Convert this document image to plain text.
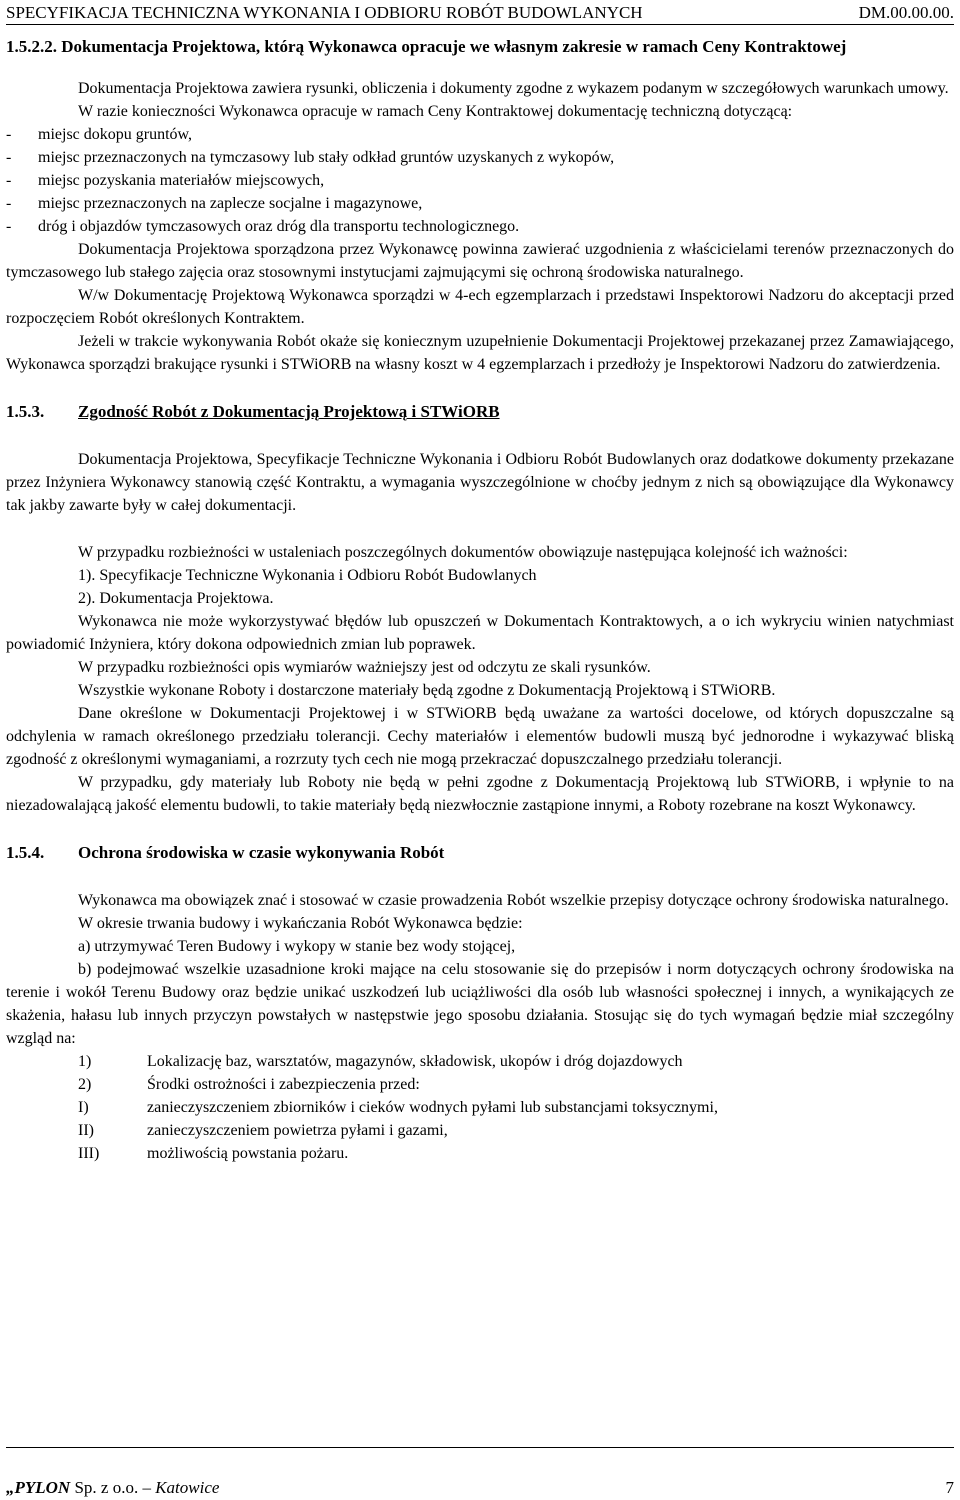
SPECYFIKACJA TECHNICZNA WYKONANIA I ODBIORU ROBÓT BUDOWLANYCH	DM.00.00.00.

1.5.2.2. Dokumentacja Projektowa, którą Wykonawca opracuje we własnym zakresie w ramach Ceny Kontraktowej

Dokumentacja Projektowa zawiera rysunki, obliczenia i dokumenty zgodne z wykazem podanym w szczegółowych warunkach umowy.

W razie konieczności Wykonawca opracuje w ramach Ceny Kontraktowej dokumentację techniczną dotyczącą:

-	miejsc dokopu gruntów,
-	miejsc przeznaczonych na tymczasowy lub stały odkład gruntów uzyskanych z wykopów,
-	miejsc pozyskania materiałów miejscowych,
-	miejsc przeznaczonych na zaplecze socjalne i magazynowe,
-	dróg i objazdów tymczasowych oraz dróg dla transportu technologicznego.

Dokumentacja Projektowa sporządzona przez Wykonawcę powinna zawierać uzgodnienia z właścicielami terenów przeznaczonych do tymczasowego lub stałego zajęcia oraz stosownymi instytucjami zajmującymi się ochroną środowiska naturalnego.

W/w Dokumentację Projektową Wykonawca sporządzi w 4-ech egzemplarzach i przedstawi Inspektorowi Nadzoru do akceptacji przed rozpoczęciem Robót określonych Kontraktem.

Jeżeli w trakcie wykonywania Robót okaże się koniecznym uzupełnienie Dokumentacji Projektowej przekazanej przez Zamawiającego, Wykonawca sporządzi brakujące rysunki i STWiORB na własny koszt w 4 egzemplarzach i przedłoży je Inspektorowi Nadzoru do zatwierdzenia.

1.5.3.	Zgodność Robót z Dokumentacją Projektową i STWiORB

Dokumentacja Projektowa, Specyfikacje Techniczne Wykonania i Odbioru Robót Budowlanych oraz dodatkowe dokumenty przekazane przez Inżyniera Wykonawcy stanowią część Kontraktu, a wymagania wyszczególnione w choćby jednym z nich są obowiązujące dla Wykonawcy tak jakby zawarte były w całej dokumentacji.

W przypadku rozbieżności w ustaleniach poszczególnych dokumentów obowiązuje następująca kolejność ich ważności:

1). Specyfikacje Techniczne Wykonania i Odbioru Robót Budowlanych

2). Dokumentacja Projektowa.

Wykonawca nie może wykorzystywać błędów lub opuszczeń w Dokumentach Kontraktowych, a o ich wykryciu winien natychmiast powiadomić Inżyniera, który dokona odpowiednich zmian lub poprawek.

W przypadku rozbieżności opis wymiarów ważniejszy jest od odczytu ze skali rysunków.

Wszystkie wykonane Roboty i dostarczone materiały będą zgodne z Dokumentacją Projektową i STWiORB.

Dane określone w Dokumentacji Projektowej i w STWiORB będą uważane za wartości docelowe, od których dopuszczalne są odchylenia w ramach określonego przedziału tolerancji. Cechy materiałów i elementów budowli muszą być jednorodne i wykazywać bliską zgodność z określonymi wymaganiami, a rozrzuty tych cech nie mogą przekraczać dopuszczalnego przedziału tolerancji.

W przypadku, gdy materiały lub Roboty nie będą w pełni zgodne z Dokumentacją Projektową lub STWiORB, i wpłynie to na niezadowalającą jakość elementu budowli, to takie materiały będą niezwłocznie zastąpione innymi, a Roboty rozebrane na koszt Wykonawcy.

1.5.4.	Ochrona środowiska w czasie wykonywania Robót

Wykonawca ma obowiązek znać i stosować w czasie prowadzenia Robót wszelkie przepisy dotyczące ochrony środowiska naturalnego.

W okresie trwania budowy i wykańczania Robót Wykonawca będzie:

a) utrzymywać Teren Budowy i wykopy w stanie bez wody stojącej,

b) podejmować wszelkie uzasadnione kroki mające na celu stosowanie się do przepisów i norm dotyczących ochrony środowiska na terenie i wokół Terenu Budowy oraz będzie unikać uszkodzeń lub uciążliwości dla osób lub własności społecznej i innych, a wynikających ze skażenia, hałasu lub innych przyczyn powstałych w następstwie jego sposobu działania. Stosując się do tych wymagań będzie miał szczególny wzgląd na:

1)	Lokalizację baz, warsztatów, magazynów, składowisk, ukopów i dróg dojazdowych
2)	Środki ostrożności i zabezpieczenia przed:
I)	zanieczyszczeniem zbiorników i cieków wodnych pyłami lub substancjami toksycznymi,
II)	zanieczyszczeniem powietrza pyłami i gazami,
III)	możliwością powstania pożaru.
„PYLON Sp. z o.o. – Katowice	7
